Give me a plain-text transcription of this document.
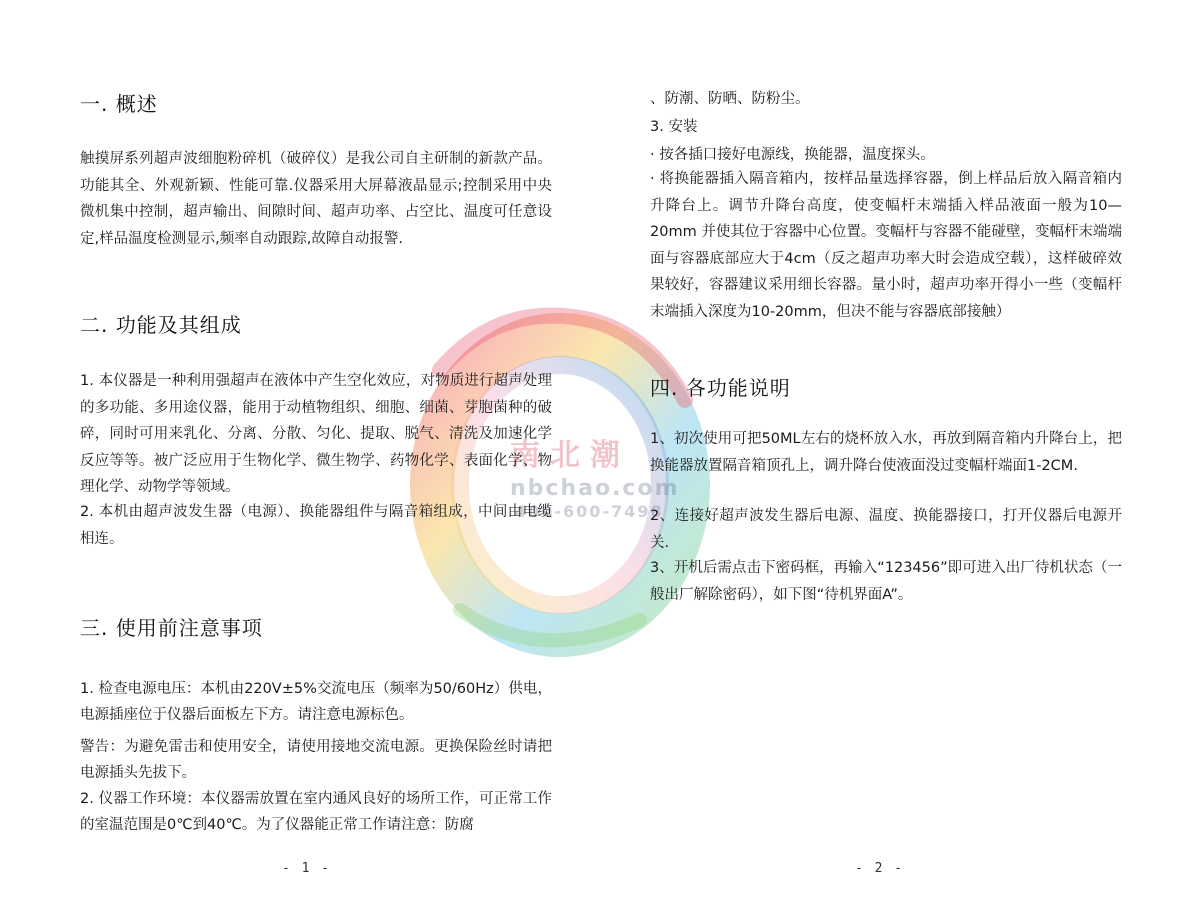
南北潮
nbchao.com
400-600-7498
一. 概述

触摸屏系列超声波细胞粉碎机（破碎仪）是我公司自主研制的新款产品。功能其全、外观新颖、性能可靠.仪器采用大屏幕液晶显示;控制采用中央微机集中控制，超声输出、间隙时间、超声功率、占空比、温度可任意设定,样品温度检测显示,频率自动跟踪,故障自动报警.

二. 功能及其组成

1. 本仪器是一种利用强超声在液体中产生空化效应，对物质进行超声处理的多功能、多用途仪器，能用于动植物组织、细胞、细菌、芽胞菌种的破碎，同时可用来乳化、分离、分散、匀化、提取、脱气、清洗及加速化学反应等等。被广泛应用于生物化学、微生物学、药物化学、表面化学、物理化学、动物学等领域。

2. 本机由超声波发生器（电源）、换能器组件与隔音箱组成，中间由电缆相连。

三. 使用前注意事项

1. 检查电源电压：本机由220V±5%交流电压（频率为50/60Hz）供电，电源插座位于仪器后面板左下方。请注意电源标色。

警告：为避免雷击和使用安全，请使用接地交流电源。更换保险丝时请把电源插头先拔下。

2. 仪器工作环境：本仪器需放置在室内通风良好的场所工作，可正常工作的室温范围是0℃到40℃。为了仪器能正常工作请注意：防腐

- 1 -

、防潮、防晒、防粉尘。

3. 安装

· 按各插口接好电源线，换能器，温度探头。

· 将换能器插入隔音箱内，按样品量选择容器，倒上样品后放入隔音箱内升降台上。调节升降台高度，使变幅杆末端插入样品液面一般为10—20mm 并使其位于容器中心位置。变幅杆与容器不能碰壁，变幅杆末端端面与容器底部应大于4cm（反之超声功率大时会造成空载），这样破碎效果较好，容器建议采用细长容器。量小时，超声功率开得小一些（变幅杆末端插入深度为10-20mm，但决不能与容器底部接触）

四. 各功能说明

1、初次使用可把50ML左右的烧杯放入水，再放到隔音箱内升降台上，把换能器放置隔音箱顶孔上，调升降台使液面没过变幅杆端面1-2CM.

2、连接好超声波发生器后电源、温度、换能器接口，打开仪器后电源开关.

3、开机后需点击下密码框，再输入“123456”即可进入出厂待机状态（一般出厂解除密码），如下图“待机界面A”。

- 2 -
